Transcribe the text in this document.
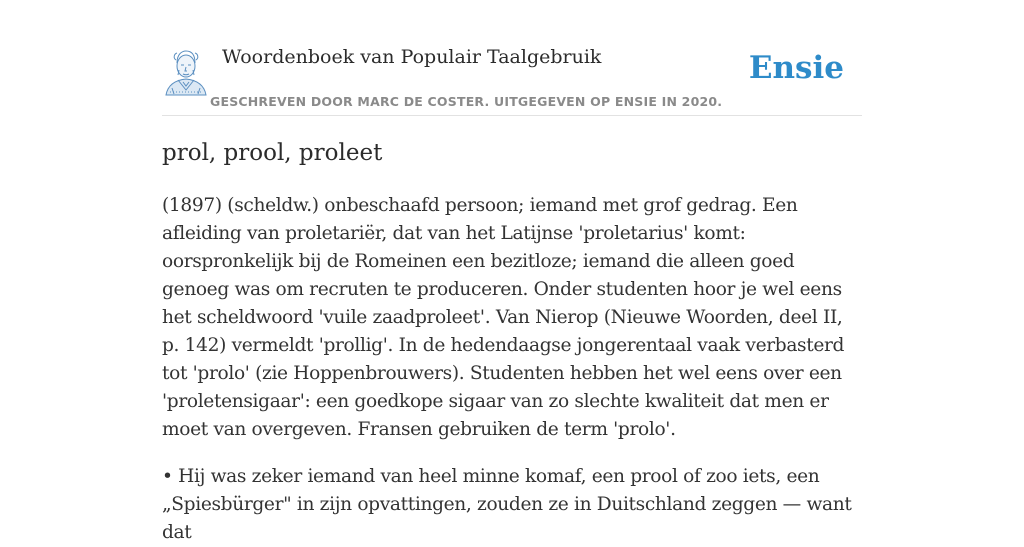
Woordenboek van Populair Taalgebruik
GESCHREVEN DOOR MARC DE COSTER. UITGEGEVEN OP ENSIE IN 2020.
Ensie
prol, prool, proleet

(1897) (scheldw.) onbeschaafd persoon; iemand met grof gedrag. Een afleiding van proletariër, dat van het Latijnse 'proletarius' komt: oorspronkelijk bij de Romeinen een bezitloze; iemand die alleen goed genoeg was om recruten te produceren. Onder studenten hoor je wel eens het scheldwoord 'vuile zaadproleet'. Van Nierop (Nieuwe Woorden, deel II, p. 142) vermeldt 'prollig'. In de hedendaagse jongerentaal vaak verbasterd tot 'prolo' (zie Hoppenbrouwers). Studenten hebben het wel eens over een 'proletensigaar': een goedkope sigaar van zo slechte kwaliteit dat men er moet van overgeven. Fransen gebruiken de term 'prolo'.

• Hij was zeker iemand van heel minne komaf, een prool of zoo iets, een „Spiesbürger" in zijn opvattingen, zouden ze in Duitschland zeggen — want dat
